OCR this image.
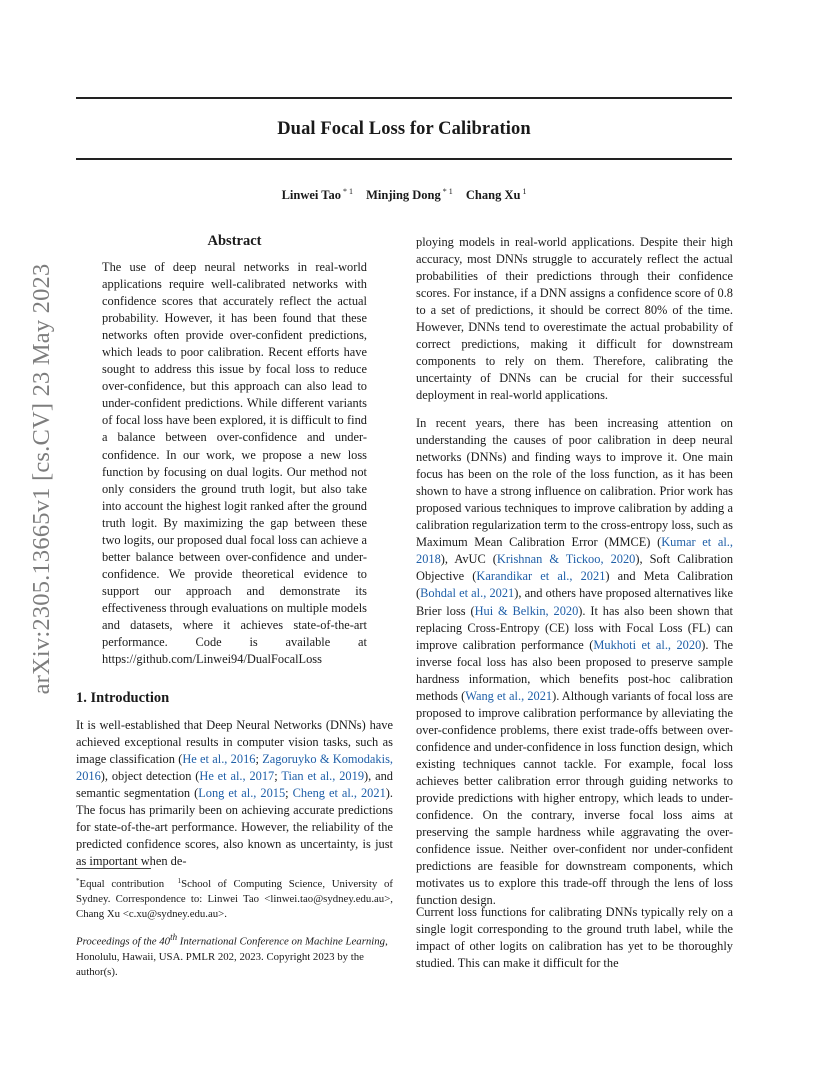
arXiv:2305.13665v1 [cs.CV] 23 May 2023
Dual Focal Loss for Calibration
Linwei Tao $^{* 1}$ Minjing Dong $^{* 1}$ Chang Xu $^1$
Abstract

The use of deep neural networks in real-world applications require well-calibrated networks with confidence scores that accurately reflect the actual probability. However, it has been found that these networks often provide over-confident predictions, which leads to poor calibration. Recent efforts have sought to address this issue by focal loss to reduce over-confidence, but this approach can also lead to under-confident predictions. While different variants of focal loss have been explored, it is difficult to find a balance between over-confidence and under-confidence. In our work, we propose a new loss function by focusing on dual logits. Our method not only considers the ground truth logit, but also take into account the highest logit ranked after the ground truth logit. By maximizing the gap between these two logits, our proposed dual focal loss can achieve a better balance between over-confidence and under-confidence. We provide theoretical evidence to support our approach and demonstrate its effectiveness through evaluations on multiple models and datasets, where it achieves state-of-the-art performance. Code is available at https://github.com/Linwei94/DualFocalLoss

1. Introduction

It is well-established that Deep Neural Networks (DNNs) have achieved exceptional results in computer vision tasks, such as image classification (He et al., 2016; Zagoruyko & Komodakis, 2016), object detection (He et al., 2017; Tian et al., 2019), and semantic segmentation (Long et al., 2015; Cheng et al., 2021). The focus has primarily been on achieving accurate predictions for state-of-the-art performance. However, the reliability of the predicted confidence scores, also known as uncertainty, is just as important when de-

*Equal contribution $^1$School of Computing Science, University of Sydney. Correspondence to: Linwei Tao <linwei.tao@sydney.edu.au>, Chang Xu <c.xu@sydney.edu.au>.
Proceedings of the 40th International Conference on Machine Learning, Honolulu, Hawaii, USA. PMLR 202, 2023. Copyright 2023 by the author(s).

ploying models in real-world applications. Despite their high accuracy, most DNNs struggle to accurately reflect the actual probabilities of their predictions through their confidence scores. For instance, if a DNN assigns a confidence score of 0.8 to a set of predictions, it should be correct 80% of the time. However, DNNs tend to overestimate the actual probability of correct predictions, making it difficult for downstream components to rely on them. Therefore, calibrating the uncertainty of DNNs can be crucial for their successful deployment in real-world applications.

In recent years, there has been increasing attention on understanding the causes of poor calibration in deep neural networks (DNNs) and finding ways to improve it. One main focus has been on the role of the loss function, as it has been shown to have a strong influence on calibration. Prior work has proposed various techniques to improve calibration by adding a calibration regularization term to the cross-entropy loss, such as Maximum Mean Calibration Error (MMCE) (Kumar et al., 2018), AvUC (Krishnan & Tickoo, 2020), Soft Calibration Objective (Karandikar et al., 2021) and Meta Calibration (Bohdal et al., 2021), and others have proposed alternatives like Brier loss (Hui & Belkin, 2020). It has also been shown that replacing Cross-Entropy (CE) loss with Focal Loss (FL) can improve calibration performance (Mukhoti et al., 2020). The inverse focal loss has also been proposed to preserve sample hardness information, which benefits post-hoc calibration methods (Wang et al., 2021). Although variants of focal loss are proposed to improve calibration performance by alleviating the over-confidence problems, there exist trade-offs between over-confidence and under-confidence in loss function design, which existing techniques cannot tackle. For example, focal loss achieves better calibration error through guiding networks to provide predictions with higher entropy, which leads to under-confidence. On the contrary, inverse focal loss aims at preserving the sample hardness while aggravating the over-confidence issue. Neither over-confident nor under-confident predictions are feasible for downstream components, which motivates us to explore this trade-off through the lens of loss function design.

Current loss functions for calibrating DNNs typically rely on a single logit corresponding to the ground truth label, while the impact of other logits on calibration has yet to be thoroughly studied. This can make it difficult for the
